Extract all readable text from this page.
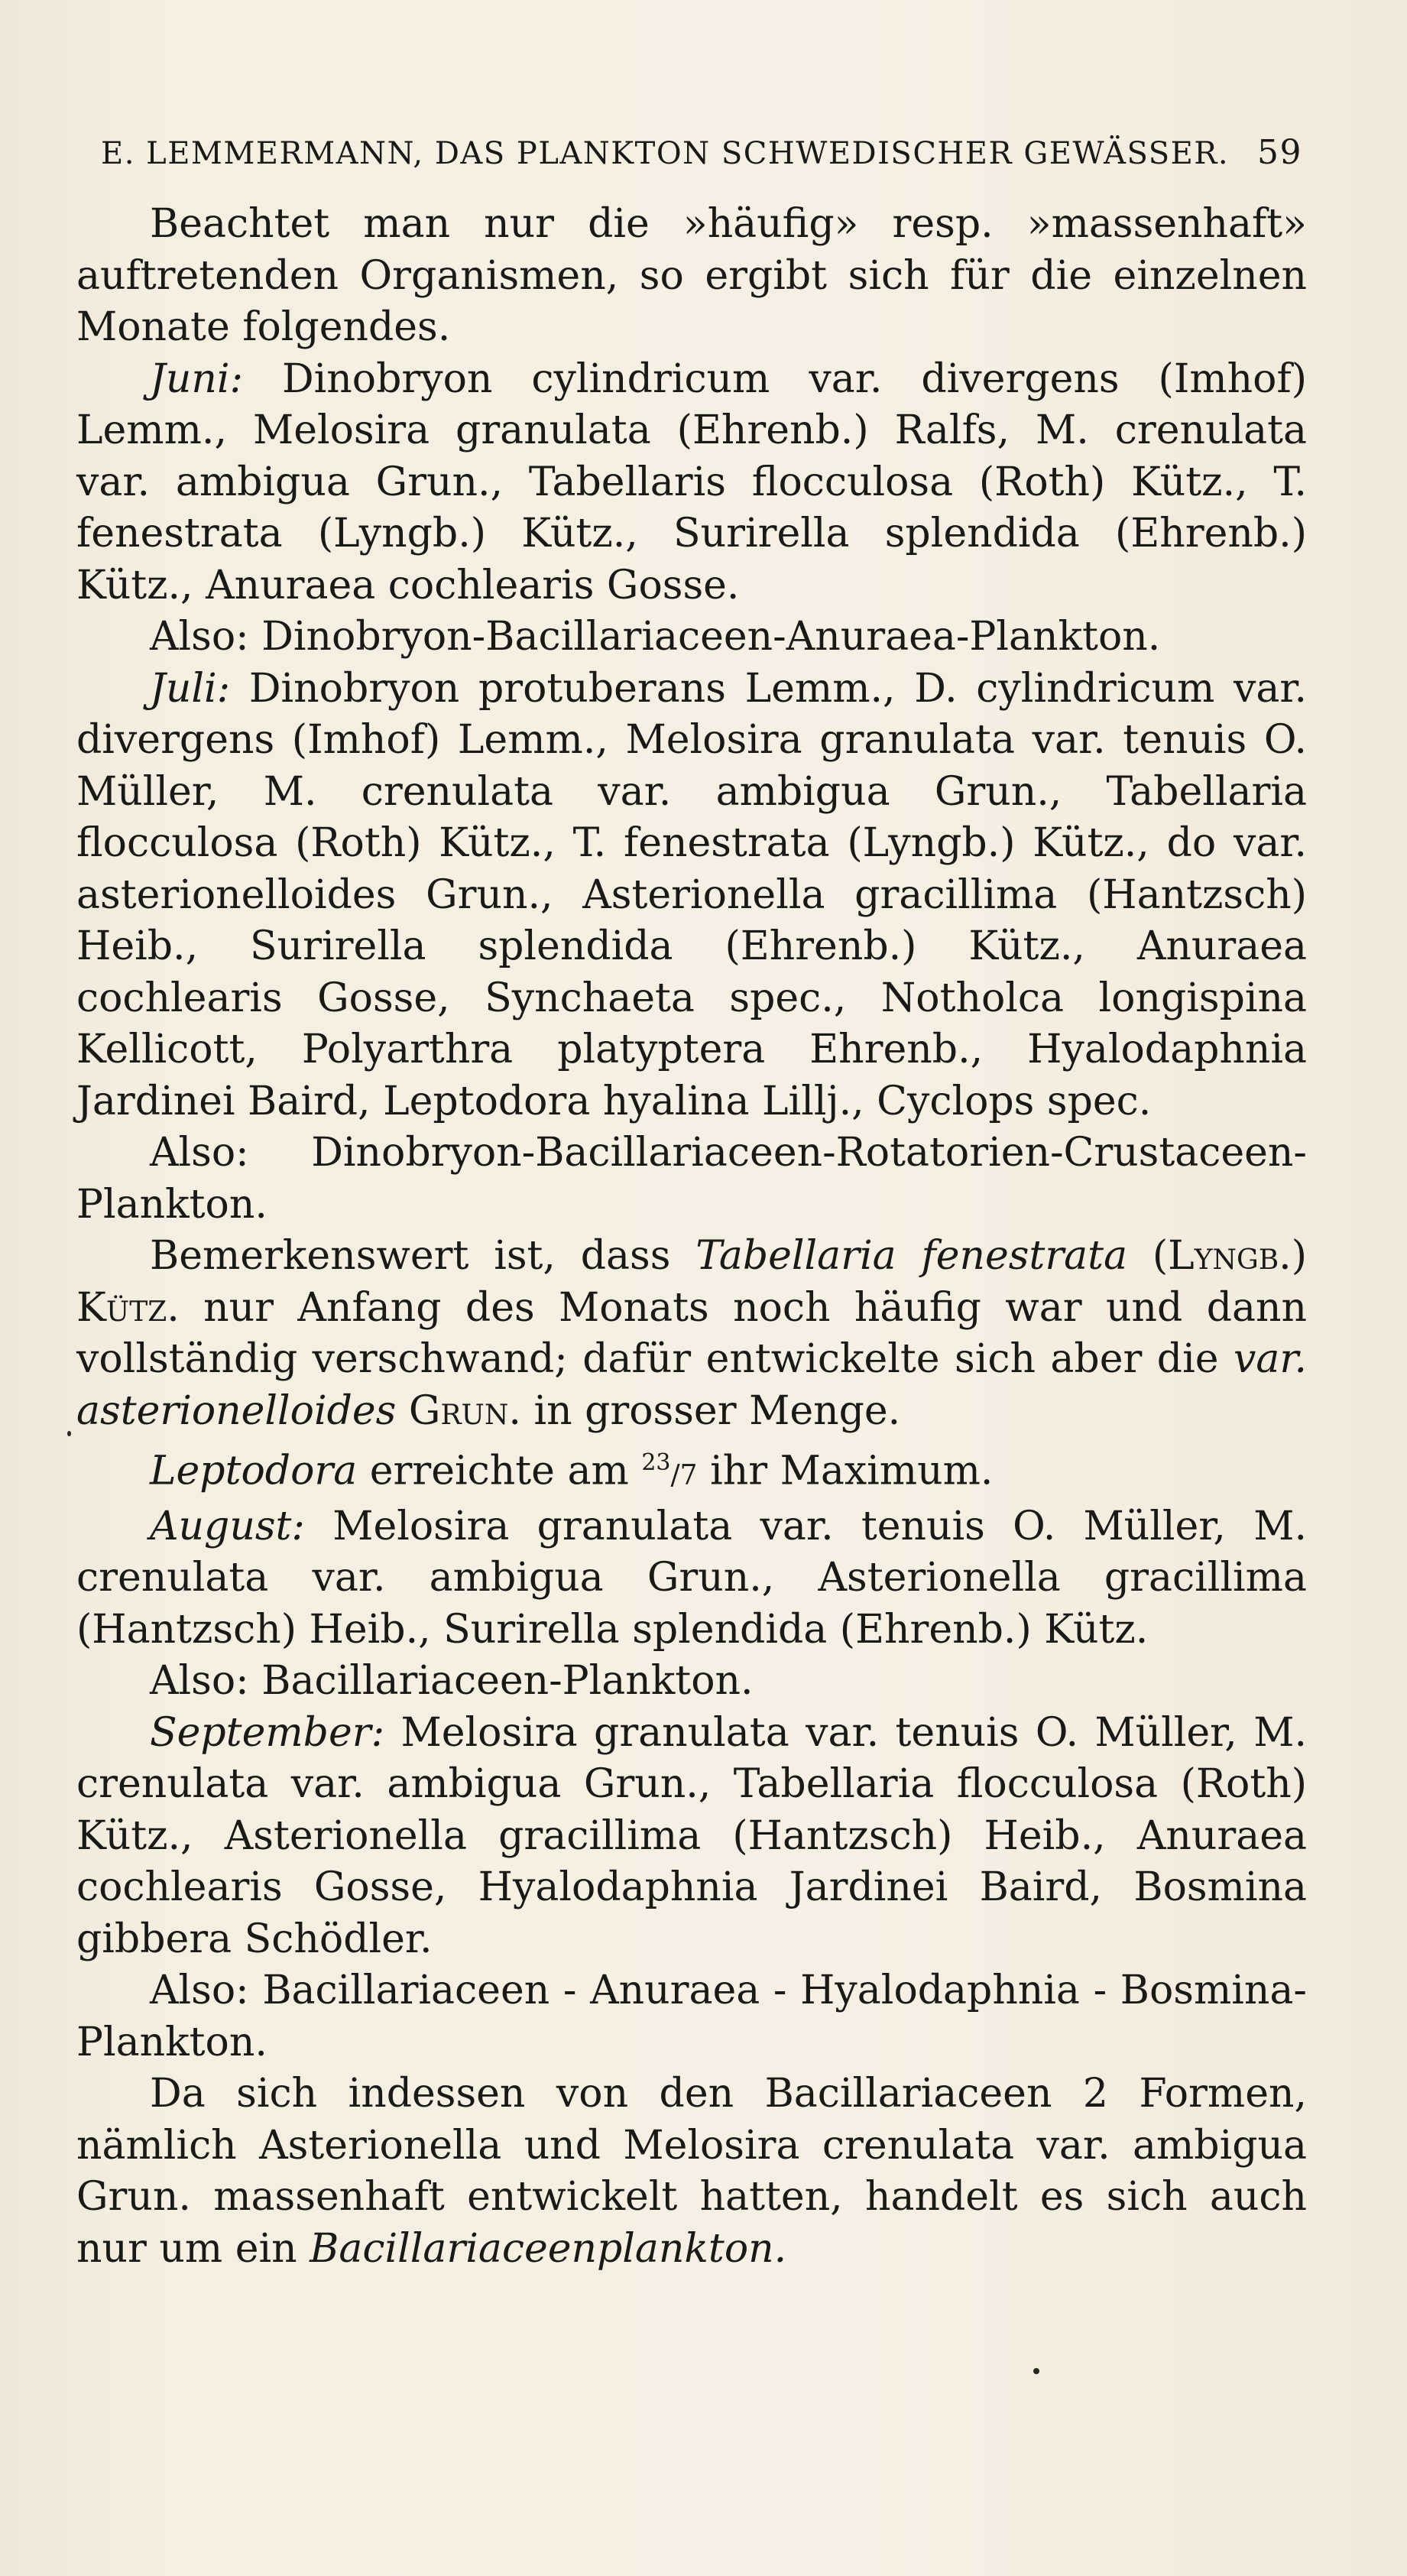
E. LEMMERMANN, DAS PLANKTON SCHWEDISCHER GEWÄSSER. 59

Beachtet man nur die »häufig» resp. »massenhaft» auftretenden Organismen, so ergibt sich für die einzelnen Monate folgendes.

Juni: Dinobryon cylindricum var. divergens (Imhof) Lemm., Melosira granulata (Ehrenb.) Ralfs, M. crenulata var. ambigua Grun., Tabellaris flocculosa (Roth) Kütz., T. fenestrata (Lyngb.) Kütz., Surirella splendida (Ehrenb.) Kütz., Anuraea cochlearis Gosse.

Also: Dinobryon-Bacillariaceen-Anuraea-Plankton.

Juli: Dinobryon protuberans Lemm., D. cylindricum var. divergens (Imhof) Lemm., Melosira granulata var. tenuis O. Müller, M. crenulata var. ambigua Grun., Tabellaria flocculosa (Roth) Kütz., T. fenestrata (Lyngb.) Kütz., do var. asterionelloides Grun., Asterionella gracillima (Hantzsch) Heib., Surirella splendida (Ehrenb.) Kütz., Anuraea cochlearis Gosse, Synchaeta spec., Notholca longispina Kellicott, Polyarthra platyptera Ehrenb., Hyalodaphnia Jardinei Baird, Leptodora hyalina Lillj., Cyclops spec.

Also: Dinobryon-Bacillariaceen-Rotatorien-Crustaceen-Plankton.

Bemerkenswert ist, dass Tabellaria fenestrata (Lyngb.) Kütz. nur Anfang des Monats noch häufig war und dann vollständig verschwand; dafür entwickelte sich aber die var. asterionelloides Grun. in grosser Menge.

Leptodora erreichte am $^{23}$/7 ihr Maximum.

August: Melosira granulata var. tenuis O. Müller, M. crenulata var. ambigua Grun., Asterionella gracillima (Hantzsch) Heib., Surirella splendida (Ehrenb.) Kütz.

Also: Bacillariaceen-Plankton.

September: Melosira granulata var. tenuis O. Müller, M. crenulata var. ambigua Grun., Tabellaria flocculosa (Roth) Kütz., Asterionella gracillima (Hantzsch) Heib., Anuraea cochlearis Gosse, Hyalodaphnia Jardinei Baird, Bosmina gibbera Schödler.

Also: Bacillariaceen - Anuraea - Hyalodaphnia - Bosmina-Plankton.

Da sich indessen von den Bacillariaceen 2 Formen, nämlich Asterionella und Melosira crenulata var. ambigua Grun. massenhaft entwickelt hatten, handelt es sich auch nur um ein Bacillariaceenplankton.
